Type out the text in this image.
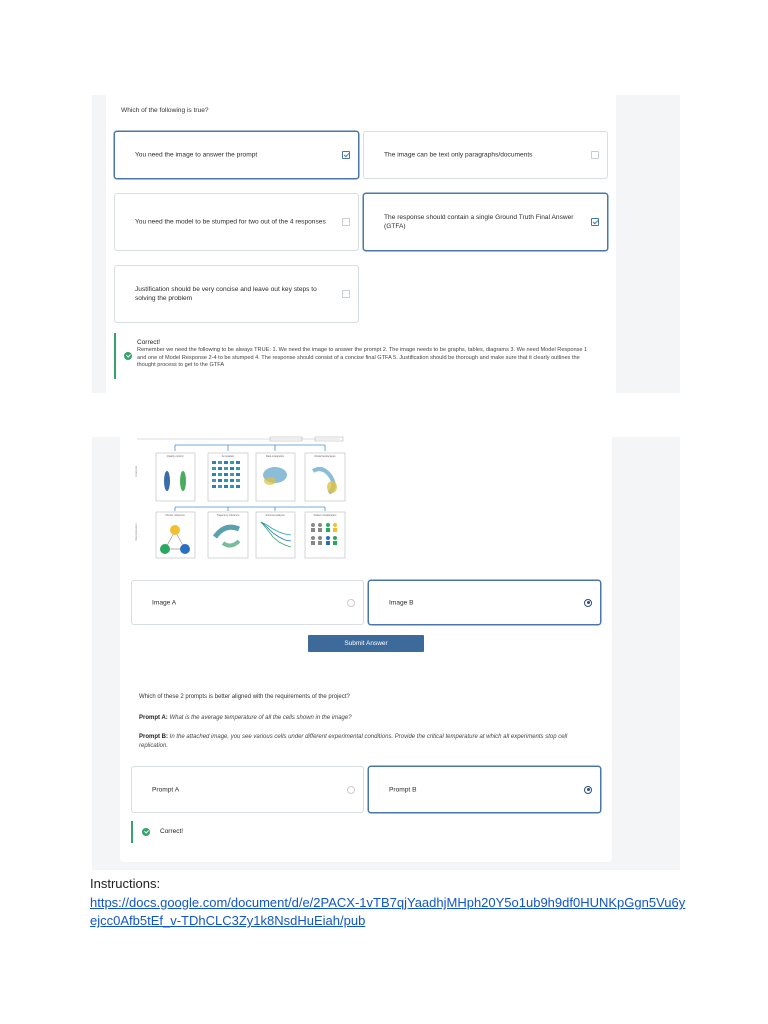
Which of the following is true?
You need the image to answer the prompt	The image can be text only paragraphs/documents
You need the model to be stumped for two out of the 4 responses
The response should contain a single Ground Truth Final Answer (GTFA)
Justification should be very concise and leave out key steps to solving the problem
Correct!
Remember we need the following to be always TRUE: 1. We need the image to answer the prompt 2. The image needs to be graphs, tables, diagrams 3. We need Model Response 1 and one of Model Response 2-4 to be stumped 4. The response should consist of a concise final GTFA 5. Justification should be thorough and make sure that it clearly outlines the thought process to get to the GTFA
Analysis
Quality control	Annotation	Data integration	Model landscapes
Interpretation
Cluster inference	Trajectory inference	Survival analysis	Patient stratification
Image A	Image B
Submit Answer
Which of these 2 prompts is better aligned with the requirements of the project?
Prompt A: What is the average temperature of all the cells shown in the image?
Prompt B: In the attached image, you see various cells under different experimental conditions. Provide the critical temperature at which all experiments stop cell replication.
Prompt A	Prompt B
Correct!
Instructions:
https://docs.google.com/document/d/e/2PACX-1vTB7qjYaadhjMHph20Y5o1ub9h9df0HUNKpGgn5Vu6yejcc0Afb5tEf_v-TDhCLC3Zy1k8NsdHuEiah/pub
